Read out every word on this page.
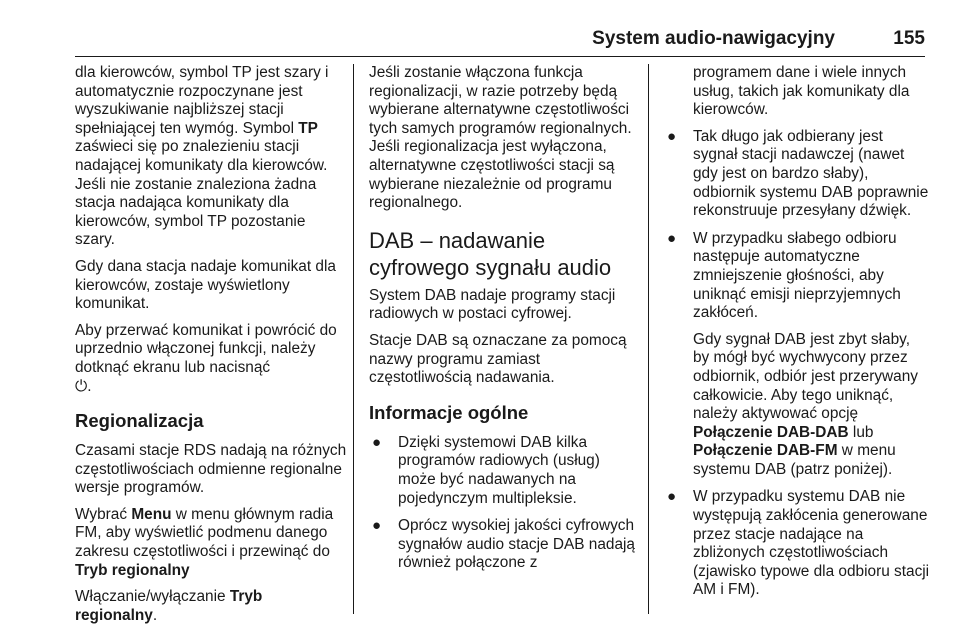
System audio-nawigacyjny	155

dla kierowców, symbol TP jest szary i automatycznie rozpoczynane jest wyszukiwanie najbliższej stacji spełniającej ten wymóg. Symbol TP zaświeci się po znalezieniu stacji nadającej komunikaty dla kierowców. Jeśli nie zostanie znaleziona żadna stacja nadająca komunikaty dla kierowców, symbol TP pozostanie szary.

Gdy dana stacja nadaje komunikat dla kierowców, zostaje wyświetlony komunikat.

Aby przerwać komunikat i powrócić do uprzednio włączonej funkcji, należy dotknąć ekranu lub nacisnąć
⏻.

Regionalizacja

Czasami stacje RDS nadają na różnych częstotliwościach odmienne regionalne wersje programów.

Wybrać Menu w menu głównym radia FM, aby wyświetlić podmenu danego zakresu częstotliwości i przewinąć do Tryb regionalny

Włączanie/wyłączanie Tryb regionalny.

Jeśli zostanie włączona funkcja regionalizacji, w razie potrzeby będą wybierane alternatywne częstotliwości tych samych programów regionalnych. Jeśli regionalizacja jest wyłączona, alternatywne częstotliwości stacji są wybierane niezależnie od programu regionalnego.

DAB – nadawanie cyfrowego sygnału audio

System DAB nadaje programy stacji radiowych w postaci cyfrowej.

Stacje DAB są oznaczane za pomocą nazwy programu zamiast częstotliwością nadawania.

Informacje ogólne
● Dzięki systemowi DAB kilka programów radiowych (usług) może być nadawanych na pojedynczym multipleksie.

● Oprócz wysokiej jakości cyfrowych sygnałów audio stacje DAB nadają również połączone z

programem dane i wiele innych usług, takich jak komunikaty dla kierowców.

● Tak długo jak odbierany jest sygnał stacji nadawczej (nawet gdy jest on bardzo słaby), odbiornik systemu DAB poprawnie rekonstruuje przesyłany dźwięk.

● W przypadku słabego odbioru następuje automatyczne zmniejszenie głośności, aby uniknąć emisji nieprzyjemnych zakłóceń.

Gdy sygnał DAB jest zbyt słaby, by mógł być wychwycony przez odbiornik, odbiór jest przerywany całkowicie. Aby tego uniknąć, należy aktywować opcję Połączenie DAB-DAB lub Połączenie DAB-FM w menu systemu DAB (patrz poniżej).

● W przypadku systemu DAB nie występują zakłócenia generowane przez stacje nadające na zbliżonych częstotliwościach (zjawisko typowe dla odbioru stacji AM i FM).
